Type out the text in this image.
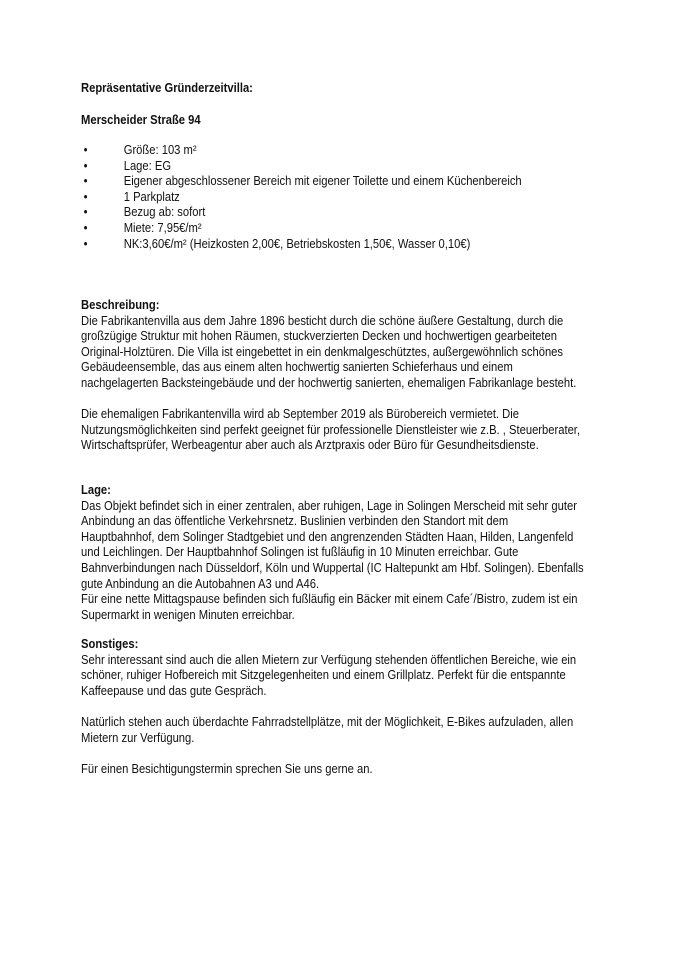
Repräsentative Gründerzeitvilla:
Merscheider Straße 94
•	Größe: 103 m²
•	Lage: EG
•	Eigener abgeschlossener Bereich mit eigener Toilette und einem Küchenbereich
•	1 Parkplatz
•	Bezug ab: sofort
•	Miete: 7,95€/m²
•	NK:3,60€/m² (Heizkosten 2,00€, Betriebskosten 1,50€, Wasser 0,10€)
Beschreibung:
Die Fabrikantenvilla aus dem Jahre 1896 besticht durch die schöne äußere Gestaltung, durch die
großzügige Struktur mit hohen Räumen, stuckverzierten Decken und hochwertigen gearbeiteten
Original-Holztüren. Die Villa ist eingebettet in ein denkmalgeschütztes, außergewöhnlich schönes
Gebäudeensemble, das aus einem alten hochwertig sanierten Schieferhaus und einem
nachgelagerten Backsteingebäude und der hochwertig sanierten, ehemaligen Fabrikanlage besteht.
Die ehemaligen Fabrikantenvilla wird ab September 2019 als Bürobereich vermietet. Die
Nutzungsmöglichkeiten sind perfekt geeignet für professionelle Dienstleister wie z.B. , Steuerberater,
Wirtschaftsprüfer, Werbeagentur aber auch als Arztpraxis oder Büro für Gesundheitsdienste.
Lage:
Das Objekt befindet sich in einer zentralen, aber ruhigen, Lage in Solingen Merscheid mit sehr guter
Anbindung an das öffentliche Verkehrsnetz. Buslinien verbinden den Standort mit dem
Hauptbahnhof, dem Solinger Stadtgebiet und den angrenzenden Städten Haan, Hilden, Langenfeld
und Leichlingen. Der Hauptbahnhof Solingen ist fußläufig in 10 Minuten erreichbar. Gute
Bahnverbindungen nach Düsseldorf, Köln und Wuppertal (IC Haltepunkt am Hbf. Solingen). Ebenfalls
gute Anbindung an die Autobahnen A3 und A46.
Für eine nette Mittagspause befinden sich fußläufig ein Bäcker mit einem Cafe´/Bistro, zudem ist ein
Supermarkt in wenigen Minuten erreichbar.
Sonstiges:
Sehr interessant sind auch die allen Mietern zur Verfügung stehenden öffentlichen Bereiche, wie ein
schöner, ruhiger Hofbereich mit Sitzgelegenheiten und einem Grillplatz. Perfekt für die entspannte
Kaffeepause und das gute Gespräch.
Natürlich stehen auch überdachte Fahrradstellplätze, mit der Möglichkeit, E-Bikes aufzuladen, allen
Mietern zur Verfügung.
Für einen Besichtigungstermin sprechen Sie uns gerne an.
